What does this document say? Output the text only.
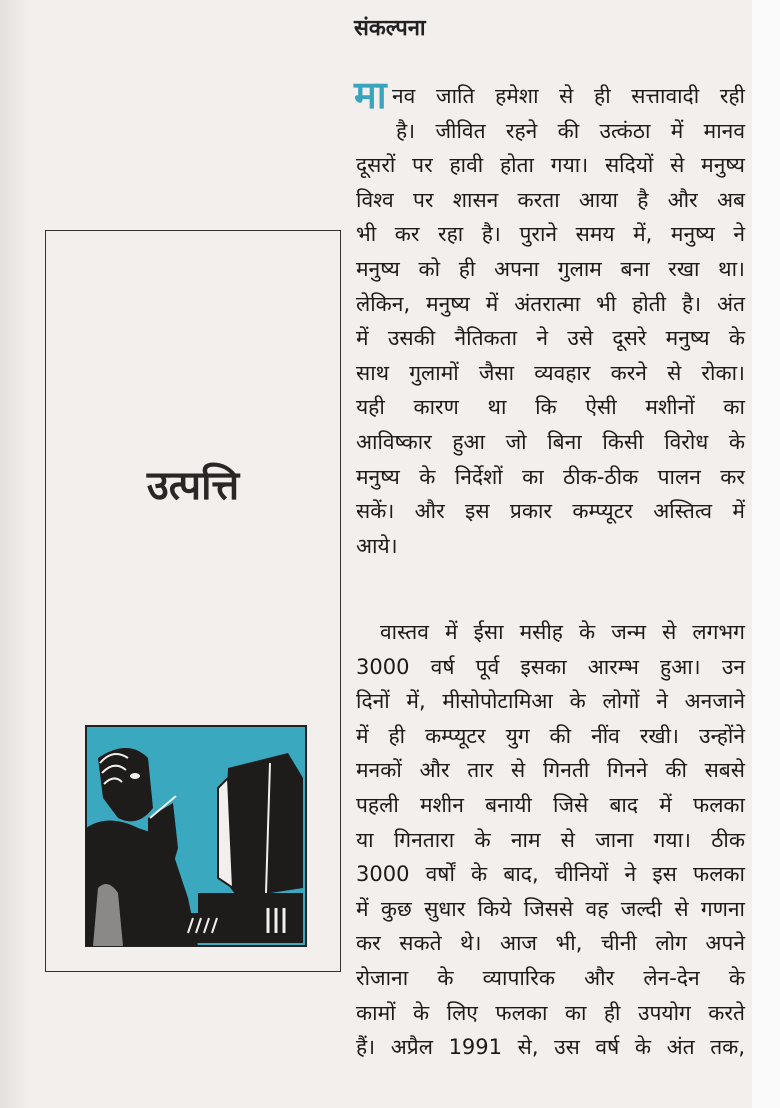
संकल्पना
उत्पत्ति
मा नव जाति हमेशा से ही सत्तावादी रही
है। जीवित रहने की उत्कंठा में मानव
दूसरों पर हावी होता गया। सदियों से मनुष्य
विश्व पर शासन करता आया है और अब
भी कर रहा है। पुराने समय में, मनुष्य ने
मनुष्य को ही अपना गुलाम बना रखा था।
लेकिन, मनुष्य में अंतरात्मा भी होती है। अंत
में उसकी नैतिकता ने उसे दूसरे मनुष्य के
साथ गुलामों जैसा व्यवहार करने से रोका।
यही कारण था कि ऐसी मशीनों का
आविष्कार हुआ जो बिना किसी विरोध के
मनुष्य के निर्देशों का ठीक-ठीक पालन कर
सकें। और इस प्रकार कम्प्यूटर अस्तित्व में
आये।
वास्तव में ईसा मसीह के जन्म से लगभग
3000 वर्ष पूर्व इसका आरम्भ हुआ। उन
दिनों में, मीसोपोटामिआ के लोगों ने अनजाने
में ही कम्प्यूटर युग की नींव रखी। उन्होंने
मनकों और तार से गिनती गिनने की सबसे
पहली मशीन बनायी जिसे बाद में फलका
या गिनतारा के नाम से जाना गया। ठीक
3000 वर्षों के बाद, चीनियों ने इस फलका
में कुछ सुधार किये जिससे वह जल्दी से गणना
कर सकते थे। आज भी, चीनी लोग अपने
रोजाना के व्यापारिक और लेन-देन के
कामों के लिए फलका का ही उपयोग करते
हैं। अप्रैल 1991 से, उस वर्ष के अंत तक,
